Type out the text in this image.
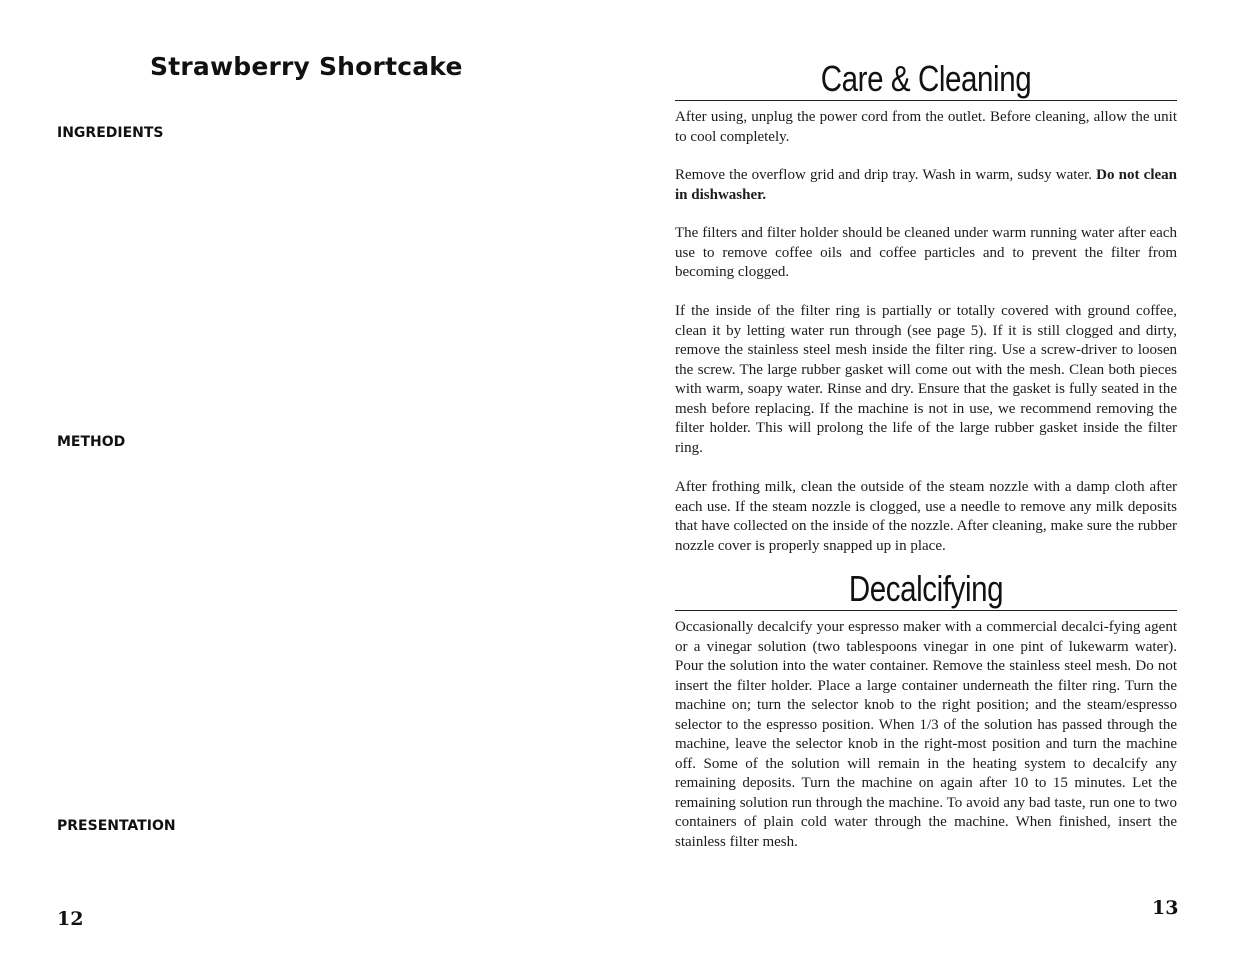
Strawberry Shortcake
INGREDIENTS
METHOD
PRESENTATION
12
Care & Cleaning

After using, unplug the power cord from the outlet. Before cleaning, allow the unit to cool completely.

Remove the overflow grid and drip tray. Wash in warm, sudsy water. Do not clean in dishwasher.

The filters and filter holder should be cleaned under warm running water after each use to remove coffee oils and coffee particles and to prevent the filter from becoming clogged.

If the inside of the filter ring is partially or totally covered with ground coffee, clean it by letting water run through (see page 5). If it is still clogged and dirty, remove the stainless steel mesh inside the filter ring. Use a screw-driver to loosen the screw. The large rubber gasket will come out with the mesh. Clean both pieces with warm, soapy water. Rinse and dry. Ensure that the gasket is fully seated in the mesh before replacing. If the machine is not in use, we recommend removing the filter holder. This will prolong the life of the large rubber gasket inside the filter ring.

After frothing milk, clean the outside of the steam nozzle with a damp cloth after each use. If the steam nozzle is clogged, use a needle to remove any milk deposits that have collected on the inside of the nozzle. After cleaning, make sure the rubber nozzle cover is properly snapped up in place.

Decalcifying

Occasionally decalcify your espresso maker with a commercial decalci-fying agent or a vinegar solution (two tablespoons vinegar in one pint of lukewarm water). Pour the solution into the water container. Remove the stainless steel mesh. Do not insert the filter holder. Place a large container underneath the filter ring. Turn the machine on; turn the selector knob to the right position; and the steam/espresso selector to the espresso position. When 1/3 of the solution has passed through the machine, leave the selector knob in the right-most position and turn the machine off. Some of the solution will remain in the heating system to decalcify any remaining deposits. Turn the machine on again after 10 to 15 minutes. Let the remaining solution run through the machine. To avoid any bad taste, run one to two containers of plain cold water through the machine. When finished, insert the stainless filter mesh.

13
